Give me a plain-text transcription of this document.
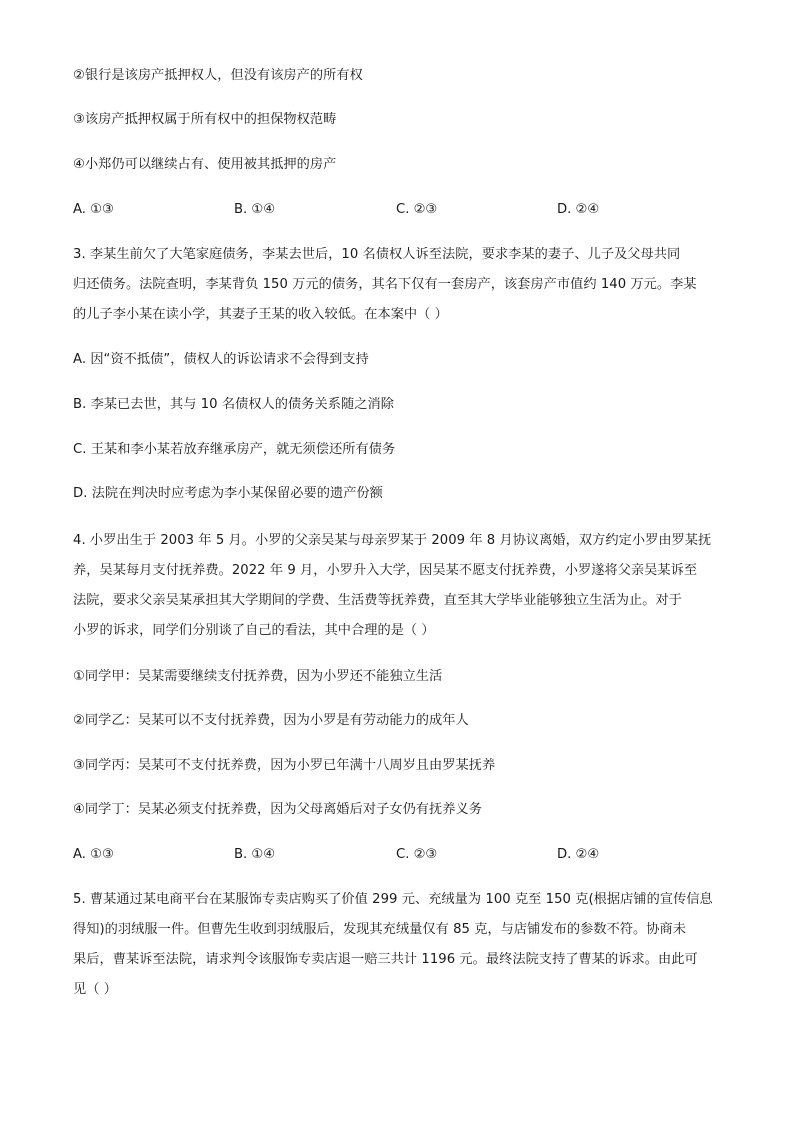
②银行是该房产抵押权人，但没有该房产的所有权
③该房产抵押权属于所有权中的担保物权范畴
④小郑仍可以继续占有、使用被其抵押的房产
A. ①③	B. ①④	C. ②③	D. ②④
3. 李某生前欠了大笔家庭债务，李某去世后，10 名债权人诉至法院，要求李某的妻子、儿子及父母共同
归还债务。法院查明，李某背负 150 万元的债务，其名下仅有一套房产，该套房产市值约 140 万元。李某
的儿子李小某在读小学，其妻子王某的收入较低。在本案中（ ）
A. 因“资不抵债”，债权人的诉讼请求不会得到支持
B. 李某已去世，其与 10 名债权人的债务关系随之消除
C. 王某和李小某若放弃继承房产，就无须偿还所有债务
D. 法院在判决时应考虑为李小某保留必要的遗产份额
4. 小罗出生于 2003 年 5 月。小罗的父亲吴某与母亲罗某于 2009 年 8 月协议离婚，双方约定小罗由罗某抚
养，吴某每月支付抚养费。2022 年 9 月，小罗升入大学，因吴某不愿支付抚养费，小罗遂将父亲吴某诉至
法院，要求父亲吴某承担其大学期间的学费、生活费等抚养费，直至其大学毕业能够独立生活为止。对于
小罗的诉求，同学们分别谈了自己的看法，其中合理的是（ ）
①同学甲：吴某需要继续支付抚养费，因为小罗还不能独立生活
②同学乙：吴某可以不支付抚养费，因为小罗是有劳动能力的成年人
③同学丙：吴某可不支付抚养费，因为小罗已年满十八周岁且由罗某抚养
④同学丁：吴某必须支付抚养费，因为父母离婚后对子女仍有抚养义务
A. ①③	B. ①④	C. ②③	D. ②④
5. 曹某通过某电商平台在某服饰专卖店购买了价值 299 元、充绒量为 100 克至 150 克(根据店铺的宣传信息
得知)的羽绒服一件。但曹先生收到羽绒服后，发现其充绒量仅有 85 克，与店铺发布的参数不符。协商未
果后，曹某诉至法院，请求判令该服饰专卖店退一赔三共计 1196 元。最终法院支持了曹某的诉求。由此可
见（ ）
